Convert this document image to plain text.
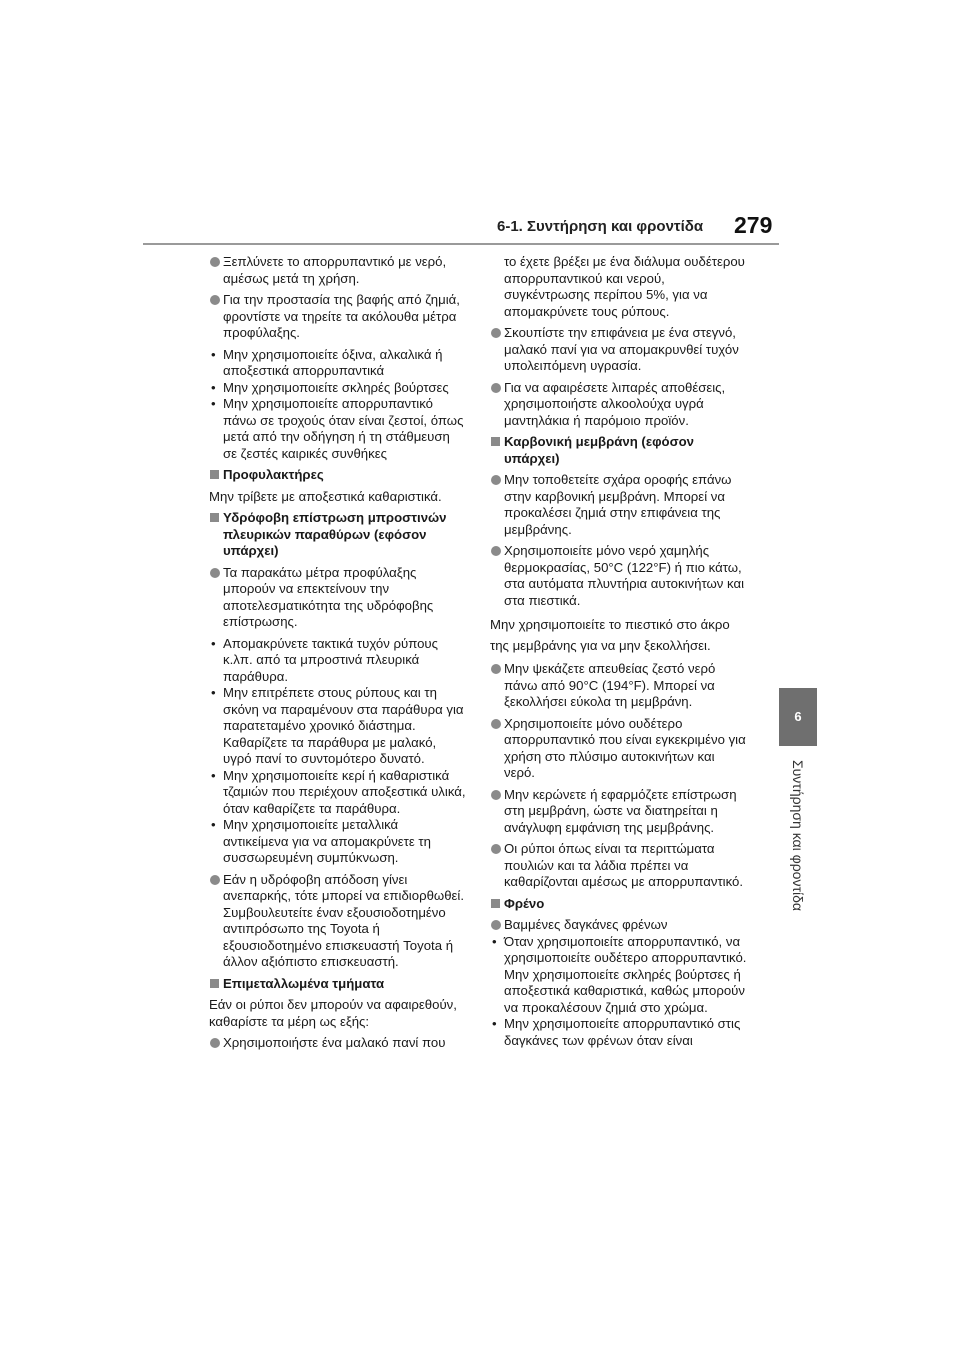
6-1. Συντήρηση και φροντίδα 279
6
Συντήρηση και φροντίδα
Ξεπλύνετε το απορρυπαντικό με νερό, αμέσως μετά τη χρήση.
Για την προστασία της βαφής από ζημιά, φροντίστε να τηρείτε τα ακόλουθα μέτρα προφύλαξης.
• Μην χρησιμοποιείτε όξινα, αλκαλικά ή αποξεστικά απορρυπαντικά
• Μην χρησιμοποιείτε σκληρές βούρτσες
• Μην χρησιμοποιείτε απορρυπαντικό πάνω σε τροχούς όταν είναι ζεστοί, όπως μετά από την οδήγηση ή τη στάθμευση σε ζεστές καιρικές συνθήκες
Προφυλακτήρες
Μην τρίβετε με αποξεστικά καθαριστικά.
Υδρόφοβη επίστρωση μπροστινών πλευρικών παραθύρων (εφόσον υπάρχει)
Τα παρακάτω μέτρα προφύλαξης μπορούν να επεκτείνουν την αποτελεσματικότητα της υδρόφοβης επίστρωσης.
• Απομακρύνετε τακτικά τυχόν ρύπους κ.λπ. από τα μπροστινά πλευρικά παράθυρα.
• Μην επιτρέπετε στους ρύπους και τη σκόνη να παραμένουν στα παράθυρα για παρατεταμένο χρονικό διάστημα. Καθαρίζετε τα παράθυρα με μαλακό, υγρό πανί το συντομότερο δυνατό.
• Μην χρησιμοποιείτε κερί ή καθαριστικά τζαμιών που περιέχουν αποξεστικά υλικά, όταν καθαρίζετε τα παράθυρα.
• Μην χρησιμοποιείτε μεταλλικά αντικείμενα για να απομακρύνετε τη συσσωρευμένη συμπύκνωση.
Εάν η υδρόφοβη απόδοση γίνει ανεπαρκής, τότε μπορεί να επιδιορθωθεί. Συμβουλευτείτε έναν εξουσιοδοτημένο αντιπρόσωπο της Toyota ή εξουσιοδοτημένο επισκευαστή Toyota ή άλλον αξιόπιστο επισκευαστή.
Επιμεταλλωμένα τμήματα
Εάν οι ρύποι δεν μπορούν να αφαιρεθούν, καθαρίστε τα μέρη ως εξής:
Χρησιμοποιήστε ένα μαλακό πανί που
το έχετε βρέξει με ένα διάλυμα ουδέτερου απορρυπαντικού και νερού, συγκέντρωσης περίπου 5%, για να απομακρύνετε τους ρύπους.
Σκουπίστε την επιφάνεια με ένα στεγνό, μαλακό πανί για να απομακρυνθεί τυχόν υπολειπόμενη υγρασία.
Για να αφαιρέσετε λιπαρές αποθέσεις, χρησιμοποιήστε αλκοολούχα υγρά μαντηλάκια ή παρόμοιο προϊόν.
Καρβονική μεμβράνη (εφόσον υπάρχει)
Μην τοποθετείτε σχάρα οροφής επάνω στην καρβονική μεμβράνη. Μπορεί να προκαλέσει ζημιά στην επιφάνεια της μεμβράνης.
Χρησιμοποιείτε μόνο νερό χαμηλής θερμοκρασίας, 50°C (122°F) ή πιο κάτω, στα αυτόματα πλυντήρια αυτοκινήτων και στα πιεστικά.
Μην χρησιμοποιείτε το πιεστικό στο άκρο της μεμβράνης για να μην ξεκολλήσει.
Μην ψεκάζετε απευθείας ζεστό νερό πάνω από 90°C (194°F). Μπορεί να ξεκολλήσει εύκολα τη μεμβράνη.
Χρησιμοποιείτε μόνο ουδέτερο απορρυπαντικό που είναι εγκεκριμένο για χρήση στο πλύσιμο αυτοκινήτων και νερό.
Μην κερώνετε ή εφαρμόζετε επίστρωση στη μεμβράνη, ώστε να διατηρείται η ανάγλυφη εμφάνιση της μεμβράνης.
Οι ρύποι όπως είναι τα περιττώματα πουλιών και τα λάδια πρέπει να καθαρίζονται αμέσως με απορρυπαντικό.
Φρένο
Βαμμένες δαγκάνες φρένων
• Όταν χρησιμοποιείτε απορρυπαντικό, να χρησιμοποιείτε ουδέτερο απορρυπαντικό. Μην χρησιμοποιείτε σκληρές βούρτσες ή αποξεστικά καθαριστικά, καθώς μπορούν να προκαλέσουν ζημιά στο χρώμα.
• Μην χρησιμοποιείτε απορρυπαντικό στις δαγκάνες των φρένων όταν είναι
